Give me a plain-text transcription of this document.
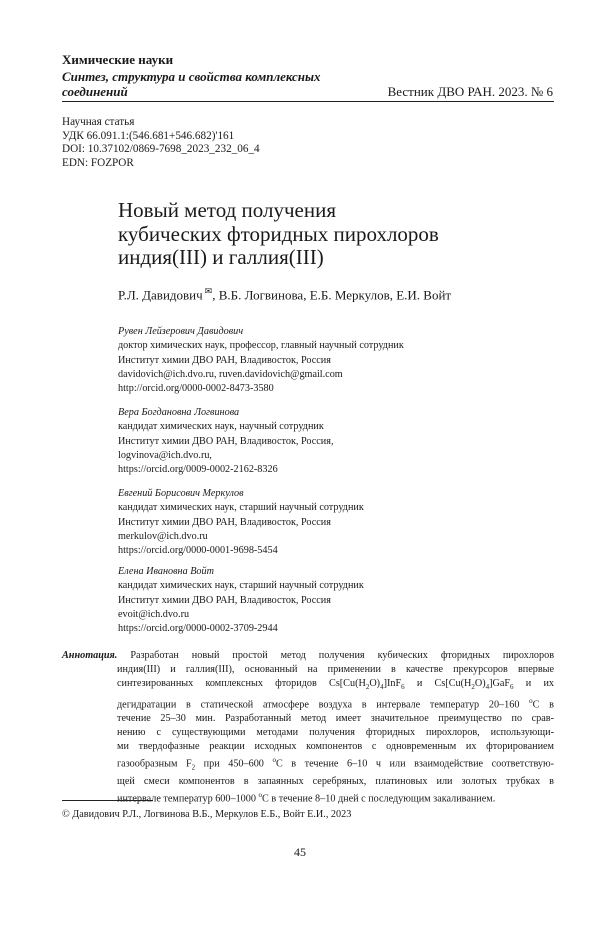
Химические науки
Синтез, структура и свойства комплексных соединений	Вестник ДВО РАН. 2023. № 6
Научная статья
УДК 66.091.1:(546.681+546.682)'161
DOI: 10.37102/0869-7698_2023_232_06_4
EDN: FOZPOR
Новый метод получения
кубических фторидных пирохлоров
индия(III) и галлия(III)
Р.Л. Давидович ✉, В.Б. Логвинова, Е.Б. Меркулов, Е.И. Войт
Рувен Лейзерович Давидович
доктор химических наук, профессор, главный научный сотрудник
Институт химии ДВО РАН, Владивосток, Россия
davidovich@ich.dvo.ru, ruven.davidovich@gmail.com
http://orcid.org/0000-0002-8473-3580
Вера Богдановна Логвинова
кандидат химических наук, научный сотрудник
Институт химии ДВО РАН, Владивосток, Россия,
logvinova@ich.dvo.ru,
https://orcid.org/0009-0002-2162-8326
Евгений Борисович Меркулов
кандидат химических наук, старший научный сотрудник
Институт химии ДВО РАН, Владивосток, Россия
merkulov@ich.dvo.ru
https://orcid.org/0000-0001-9698-5454
Елена Ивановна Войт
кандидат химических наук, старший научный сотрудник
Институт химии ДВО РАН, Владивосток, Россия
evoit@ich.dvo.ru
https://orcid.org/0000-0002-3709-2944
Аннотация. Разработан новый простой метод получения кубических фторидных пирохлоров
индия(III) и галлия(III), основанный на применении в качестве прекурсоров впервые
синтезированных комплексных фторидов $Cs[Cu(H_2O)_4]InF_6$ и $Cs[Cu(H_2O)_4]GaF_6$ и их
дегидратации в статической атмосфере воздуха в интервале температур 20–160 $^o$C в
течение 25–30 мин. Разработанный метод имеет значительное преимущество по срав-
нению с существующими методами получения фторидных пирохлоров, использующи-
ми твердофазные реакции исходных компонентов с одновременным их фторированием
газообразным $F_2$ при 450–600 $^o$C в течение 6–10 ч или взаимодействие соответствую-
щей смеси компонентов в запаянных серебряных, платиновых или золотых трубках в
интервале температур 600–1000 $^o$C в течение 8–10 дней с последующим закаливанием.
© Давидович Р.Л., Логвинова В.Б., Меркулов Е.Б., Войт Е.И., 2023
45
